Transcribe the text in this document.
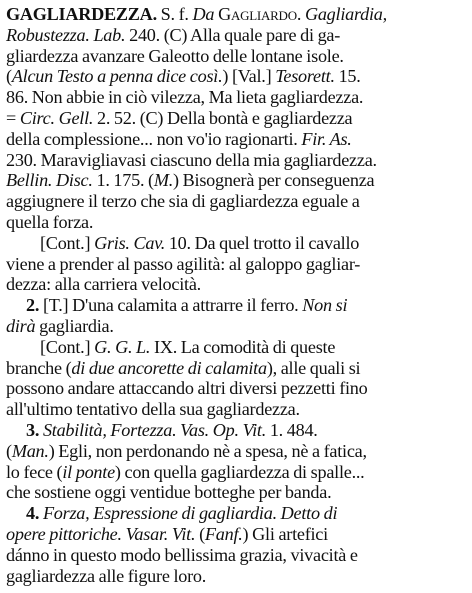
GAGLIARDEZZA. S. f. Da Gagliardo. Gagliardia,
Robustezza. Lab. 240. (C) Alla quale pare di ga-
gliardezza avanzare Galeotto delle lontane isole.
(Alcun Testo a penna dice così.) [Val.] Tesorett. 15.
86. Non abbie in ciò vilezza, Ma lieta gagliardezza.
= Circ. Gell. 2. 52. (C) Della bontà e gagliardezza
della complessione... non vo'io ragionarti. Fir. As.
230. Maravigliavasi ciascuno della mia gagliardezza.
Bellin. Disc. 1. 175. (M.) Bisognerà per conseguenza
aggiugnere il terzo che sia di gagliardezza eguale a
quella forza.
[Cont.] Gris. Cav. 10. Da quel trotto il cavallo
viene a prender al passo agilità: al galoppo gagliar-
dezza: alla carriera velocità.
2. [T.] D'una calamita a attrarre il ferro. Non si
dirà gagliardia.
[Cont.] G. G. L. IX. La comodità di queste
branche (di due ancorette di calamita), alle quali si
possono andare attaccando altri diversi pezzetti fino
all'ultimo tentativo della sua gagliardezza.
3. Stabilità, Fortezza. Vas. Op. Vit. 1. 484.
(Man.) Egli, non perdonando nè a spesa, nè a fatica,
lo fece (il ponte) con quella gagliardezza di spalle...
che sostiene oggi ventidue botteghe per banda.
4. Forza, Espressione di gagliardia. Detto di
opere pittoriche. Vasar. Vit. (Fanf.) Gli artefici
dánno in questo modo bellissima grazia, vivacità e
gagliardezza alle figure loro.
